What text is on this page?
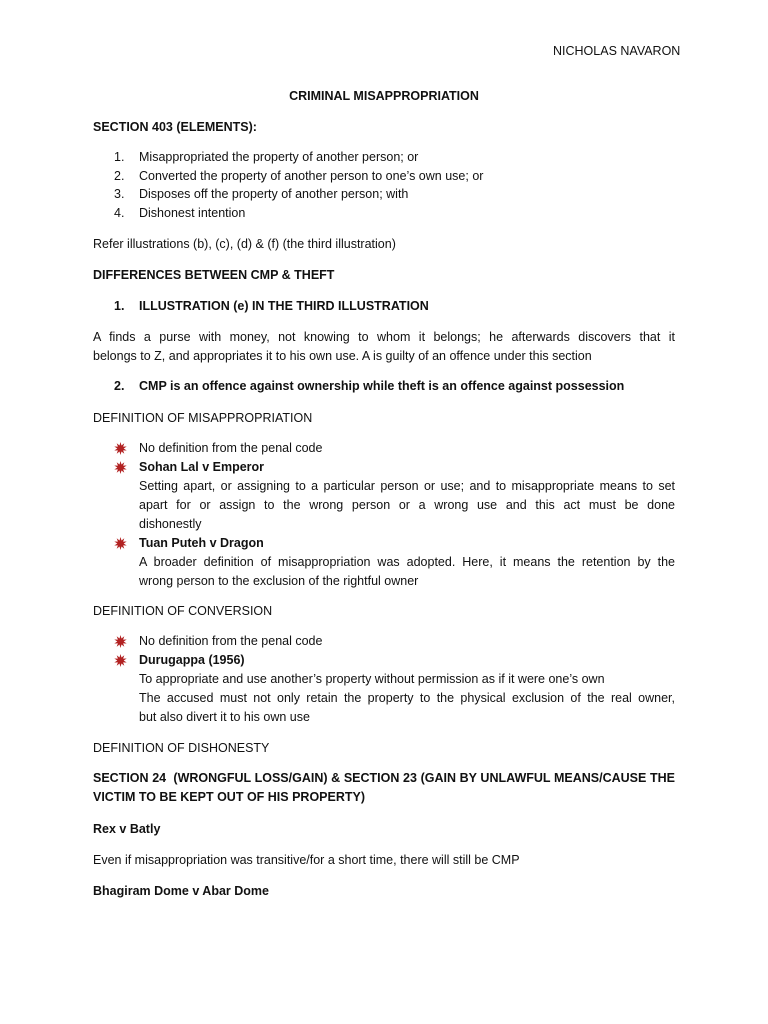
NICHOLAS NAVARON
CRIMINAL MISAPPROPRIATION
SECTION 403 (ELEMENTS):
1. Misappropriated the property of another person; or
2. Converted the property of another person to one’s own use; or
3. Disposes off the property of another person; with
4. Dishonest intention
Refer illustrations (b), (c), (d) & (f) (the third illustration)
DIFFERENCES BETWEEN CMP & THEFT
1. ILLUSTRATION (e) IN THE THIRD ILLUSTRATION
A finds a purse with money, not knowing to whom it belongs; he afterwards discovers that it
belongs to Z, and appropriates it to his own use. A is guilty of an offence under this section
2. CMP is an offence against ownership while theft is an offence against possession
DEFINITION OF MISAPPROPRIATION
No definition from the penal code
Sohan Lal v Emperor
Setting apart, or assigning to a particular person or use; and to misappropriate means to set
apart for or assign to the wrong person or a wrong use and this act must be done
dishonestly
Tuan Puteh v Dragon
A broader definition of misappropriation was adopted. Here, it means the retention by the
wrong person to the exclusion of the rightful owner
DEFINITION OF CONVERSION
No definition from the penal code
Durugappa (1956)
To appropriate and use another’s property without permission as if it were one’s own
The accused must not only retain the property to the physical exclusion of the real owner,
but also divert it to his own use
DEFINITION OF DISHONESTY
SECTION 24  (WRONGFUL LOSS/GAIN) & SECTION 23 (GAIN BY UNLAWFUL MEANS/CAUSE THE
VICTIM TO BE KEPT OUT OF HIS PROPERTY)
Rex v Batly
Even if misappropriation was transitive/for a short time, there will still be CMP
Bhagiram Dome v Abar Dome
